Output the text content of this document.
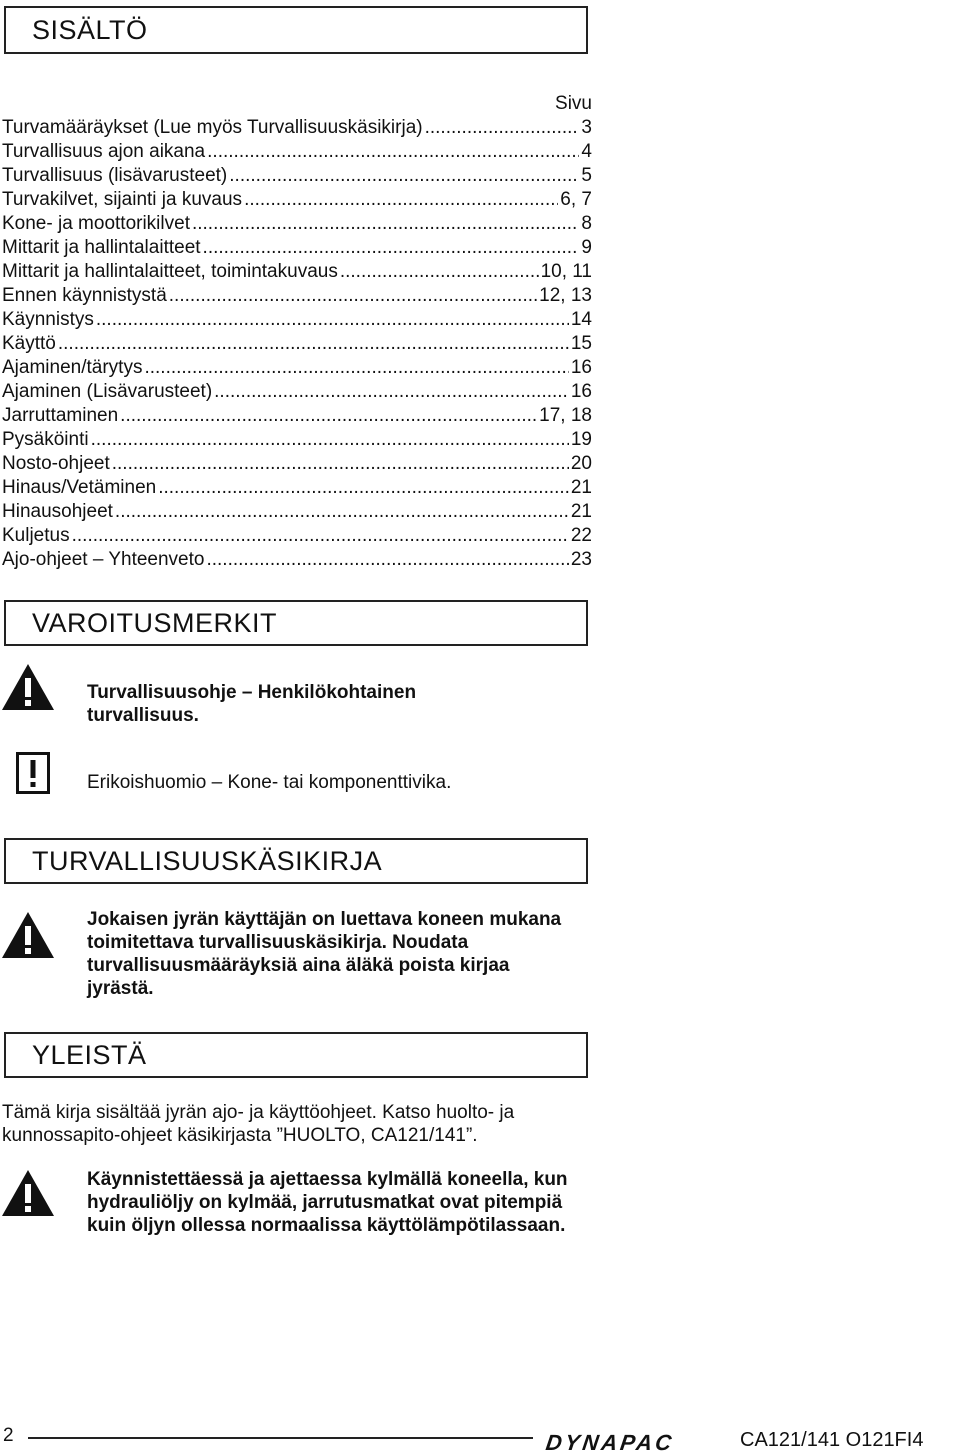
SISÄLTÖ
Sivu
Turvamääräykset (Lue myös Turvallisuuskäsikirja) .....	3
Turvallisuus ajon aikana .....	4
Turvallisuus (lisävarusteet) .....	5
Turvakilvet, sijainti ja kuvaus .....	6, 7
Kone- ja moottorikilvet .....	8
Mittarit ja hallintalaitteet .....	9
Mittarit ja hallintalaitteet, toimintakuvaus .....	10, 11
Ennen käynnistystä .....	12, 13
Käynnistys .....	14
Käyttö .....	15
Ajaminen/tärytys .....	16
Ajaminen (Lisävarusteet) .....	16
Jarruttaminen .....	17, 18
Pysäköinti .....	19
Nosto-ohjeet .....	20
Hinaus/Vetäminen .....	21
Hinausohjeet .....	21
Kuljetus .....	22
Ajo-ohjeet – Yhteenveto .....	23
VAROITUSMERKIT
Turvallisuusohje – Henkilökohtainen turvallisuus.
Erikoishuomio – Kone- tai komponenttivika.
TURVALLISUUSKÄSIKIRJA
Jokaisen jyrän käyttäjän on luettava koneen mukana toimitettava turvallisuuskäsikirja. Noudata turvallisuusmääräyksiä aina äläkä poista kirjaa jyrästä.
YLEISTÄ
Tämä kirja sisältää jyrän ajo- ja käyttöohjeet. Katso huolto- ja kunnossapito-ohjeet käsikirjasta ”HUOLTO, CA121/141”.
Käynnistettäessä ja ajettaessa kylmällä koneella, kun hydrauliöljy on kylmää, jarrutusmatkat ovat pitempiä kuin öljyn ollessa normaalissa käyttölämpötilassaan.
2	DYNAPAC	CA121/141 O121FI4
